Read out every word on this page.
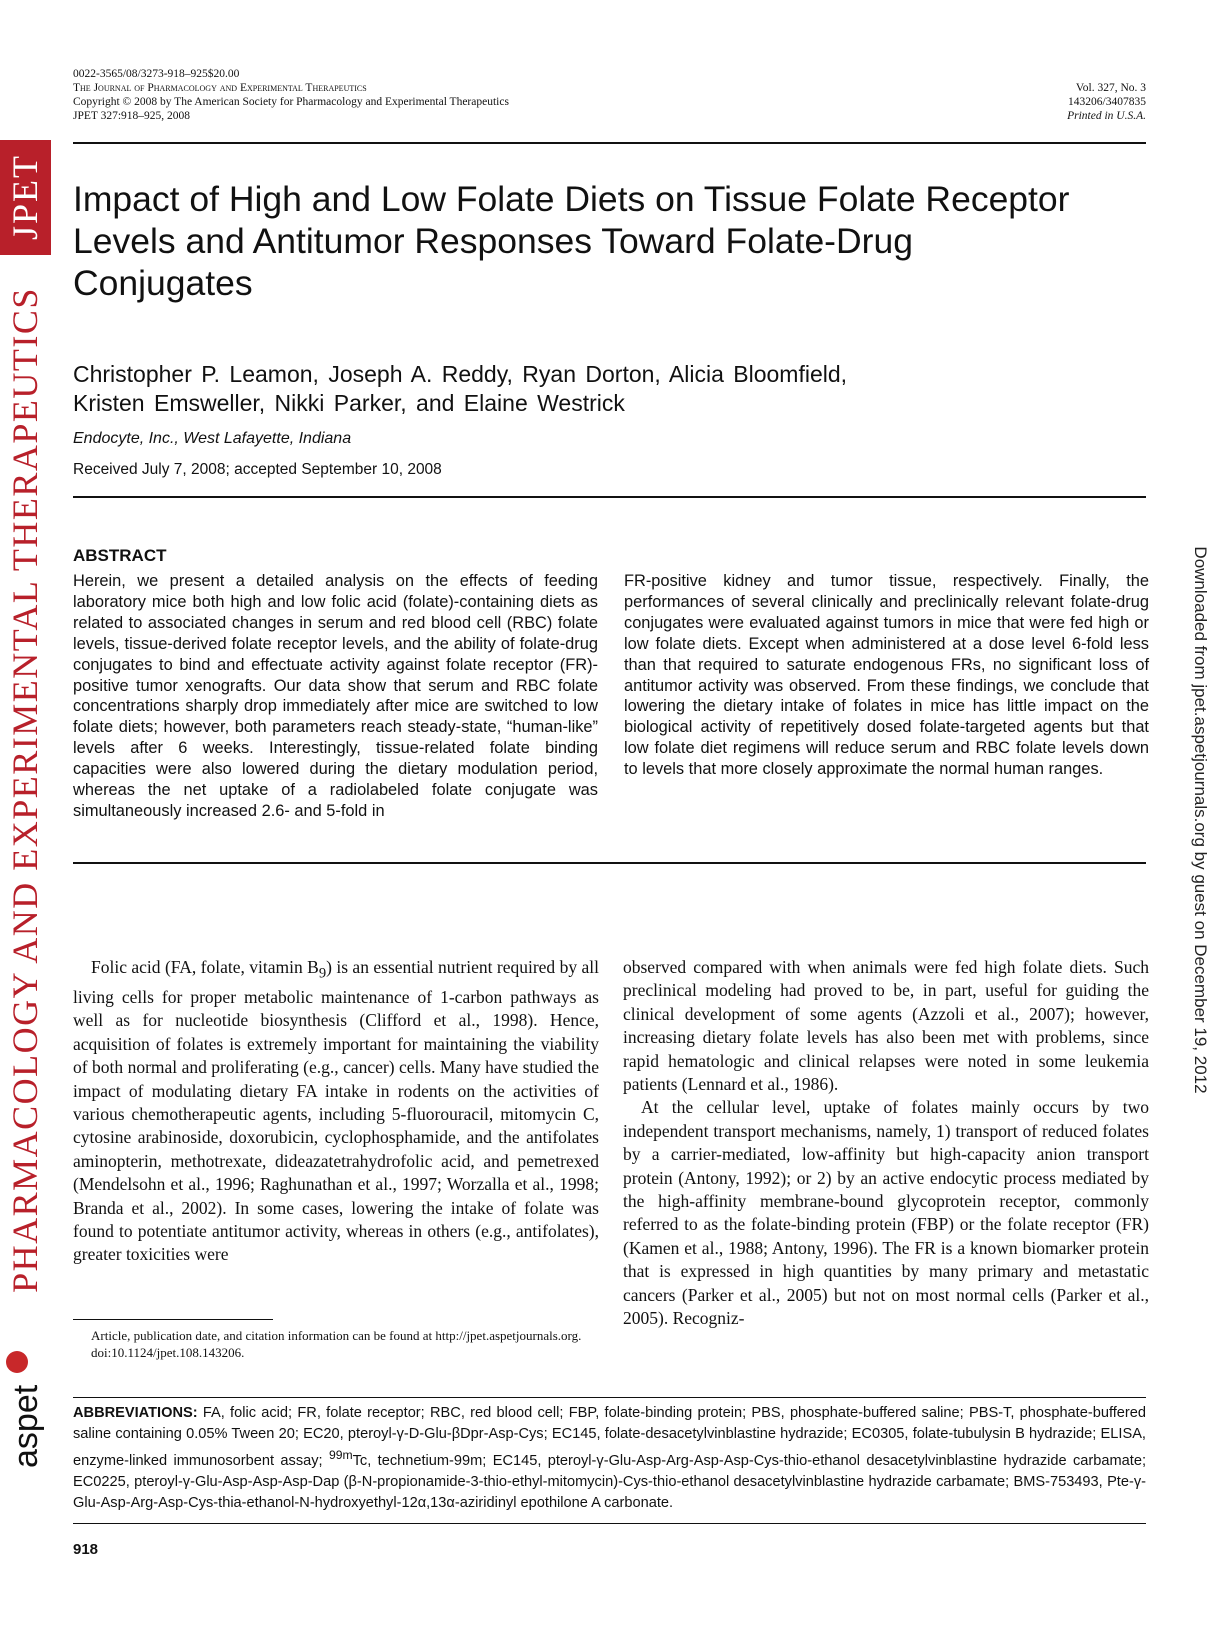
JPET
PHARMACOLOGY AND EXPERIMENTAL THERAPEUTICS
aspet
Downloaded from jpet.aspetjournals.org by guest on December 19, 2012
0022-3565/08/3273-918–925$20.00
The Journal of Pharmacology and Experimental Therapeutics
Copyright © 2008 by The American Society for Pharmacology and Experimental Therapeutics
JPET 327:918–925, 2008
Vol. 327, No. 3
143206/3407835
Printed in U.S.A.
Impact of High and Low Folate Diets on Tissue Folate Receptor Levels and Antitumor Responses Toward Folate-Drug Conjugates
Christopher P. Leamon, Joseph A. Reddy, Ryan Dorton, Alicia Bloomfield,
Kristen Emsweller, Nikki Parker, and Elaine Westrick
Endocyte, Inc., West Lafayette, Indiana
Received July 7, 2008; accepted September 10, 2008
ABSTRACT
Herein, we present a detailed analysis on the effects of feeding laboratory mice both high and low folic acid (folate)-containing diets as related to associated changes in serum and red blood cell (RBC) folate levels, tissue-derived folate receptor levels, and the ability of folate-drug conjugates to bind and effectuate activity against folate receptor (FR)-positive tumor xenografts. Our data show that serum and RBC folate concentrations sharply drop immediately after mice are switched to low folate diets; however, both parameters reach steady-state, “human-like” levels after 6 weeks. Interestingly, tissue-related folate binding capacities were also lowered during the dietary modulation period, whereas the net uptake of a radiolabeled folate conjugate was simultaneously increased 2.6- and 5-fold in
FR-positive kidney and tumor tissue, respectively. Finally, the performances of several clinically and preclinically relevant folate-drug conjugates were evaluated against tumors in mice that were fed high or low folate diets. Except when administered at a dose level 6-fold less than that required to saturate endogenous FRs, no significant loss of antitumor activity was observed. From these findings, we conclude that lowering the dietary intake of folates in mice has little impact on the biological activity of repetitively dosed folate-targeted agents but that low folate diet regimens will reduce serum and RBC folate levels down to levels that more closely approximate the normal human ranges.

Folic acid (FA, folate, vitamin $B_9$) is an essential nutrient required by all living cells for proper metabolic maintenance of 1-carbon pathways as well as for nucleotide biosynthesis (Clifford et al., 1998). Hence, acquisition of folates is extremely important for maintaining the viability of both normal and proliferating (e.g., cancer) cells. Many have studied the impact of modulating dietary FA intake in rodents on the activities of various chemotherapeutic agents, including 5-fluorouracil, mitomycin C, cytosine arabinoside, doxorubicin, cyclophosphamide, and the antifolates aminopterin, methotrexate, dideazatetrahydrofolic acid, and pemetrexed (Mendelsohn et al., 1996; Raghunathan et al., 1997; Worzalla et al., 1998; Branda et al., 2002). In some cases, lowering the intake of folate was found to potentiate antitumor activity, whereas in others (e.g., antifolates), greater toxicities were

observed compared with when animals were fed high folate diets. Such preclinical modeling had proved to be, in part, useful for guiding the clinical development of some agents (Azzoli et al., 2007); however, increasing dietary folate levels has also been met with problems, since rapid hematologic and clinical relapses were noted in some leukemia patients (Lennard et al., 1986).

At the cellular level, uptake of folates mainly occurs by two independent transport mechanisms, namely, 1) transport of reduced folates by a carrier-mediated, low-affinity but high-capacity anion transport protein (Antony, 1992); or 2) by an active endocytic process mediated by the high-affinity membrane-bound glycoprotein receptor, commonly referred to as the folate-binding protein (FBP) or the folate receptor (FR) (Kamen et al., 1988; Antony, 1996). The FR is a known biomarker protein that is expressed in high quantities by many primary and metastatic cancers (Parker et al., 2005) but not on most normal cells (Parker et al., 2005). Recogniz-

Article, publication date, and citation information can be found at http://jpet.aspetjournals.org.

doi:10.1124/jpet.108.143206.

ABBREVIATIONS: FA, folic acid; FR, folate receptor; RBC, red blood cell; FBP, folate-binding protein; PBS, phosphate-buffered saline; PBS-T, phosphate-buffered saline containing 0.05% Tween 20; EC20, pteroyl-γ-D-Glu-βDpr-Asp-Cys; EC145, folate-desacetylvinblastine hydrazide; EC0305, folate-tubulysin B hydrazide; ELISA, enzyme-linked immunosorbent assay; $^{99m}$Tc, technetium-99m; EC145, pteroyl-γ-Glu-Asp-Arg-Asp-Asp-Cys-thio-ethanol desacetylvinblastine hydrazide carbamate; EC0225, pteroyl-γ-Glu-Asp-Asp-Asp-Dap (β-N-propionamide-3-thio-ethyl-mitomycin)-Cys-thio-ethanol desacetylvinblastine hydrazide carbamate; BMS-753493, Pte-γ-Glu-Asp-Arg-Asp-Cys-thia-ethanol-N-hydroxyethyl-12α,13α-aziridinyl epothilone A carbonate.
918
